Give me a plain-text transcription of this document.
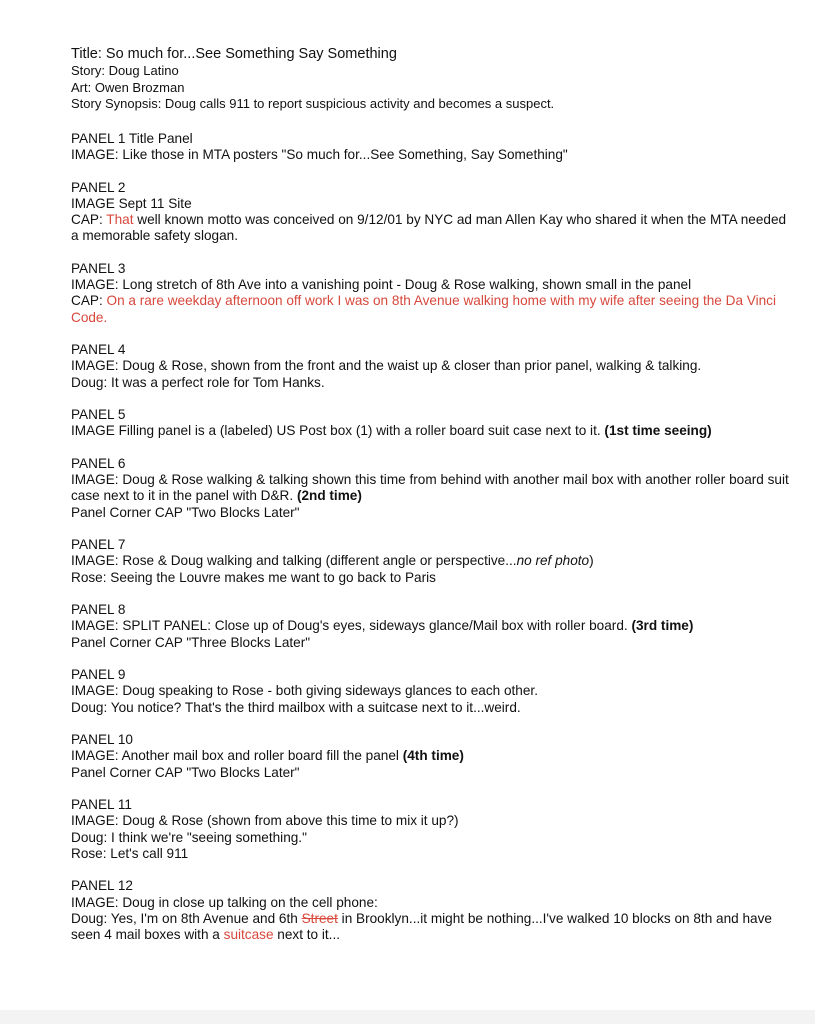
Title: So much for...See Something Say Something
Story: Doug Latino
Art: Owen Brozman
Story Synopsis: Doug calls 911 to report suspicious activity and becomes a suspect.
PANEL 1 Title Panel
IMAGE: Like those in MTA posters "So much for...See Something, Say Something"
PANEL 2
IMAGE Sept 11 Site
CAP: That well known motto was conceived on 9/12/01 by NYC ad man Allen Kay who shared it when the MTA needed a memorable safety slogan.
PANEL 3
IMAGE: Long stretch of 8th Ave into a vanishing point - Doug & Rose walking, shown small in the panel
CAP: On a rare weekday afternoon off work I was on 8th Avenue walking home with my wife after seeing the Da Vinci Code.
PANEL 4
IMAGE: Doug & Rose, shown from the front and the waist up & closer than prior panel, walking & talking.
Doug: It was a perfect role for Tom Hanks.
PANEL 5
IMAGE Filling panel is a (labeled) US Post box (1) with a roller board suit case next to it. (1st time seeing)
PANEL 6
IMAGE: Doug & Rose walking & talking shown this time from behind with another mail box with another roller board suit case next to it in the panel with D&R. (2nd time)
Panel Corner CAP "Two Blocks Later"
PANEL 7
IMAGE: Rose & Doug walking and talking (different angle or perspective...no ref photo)
Rose: Seeing the Louvre makes me want to go back to Paris
PANEL 8
IMAGE: SPLIT PANEL: Close up of Doug's eyes, sideways glance/Mail box with roller board. (3rd time)
Panel Corner CAP "Three Blocks Later"
PANEL 9
IMAGE: Doug speaking to Rose - both giving sideways glances to each other.
Doug: You notice? That's the third mailbox with a suitcase next to it...weird.
PANEL 10
IMAGE: Another mail box and roller board fill the panel (4th time)
Panel Corner CAP "Two Blocks Later"
PANEL 11
IMAGE: Doug & Rose (shown from above this time to mix it up?)
Doug: I think we're "seeing something."
Rose: Let's call 911
PANEL 12
IMAGE: Doug in close up talking on the cell phone:
Doug: Yes, I'm on 8th Avenue and 6th Street in Brooklyn...it might be nothing...I've walked 10 blocks on 8th and have seen 4 mail boxes with a suitcase next to it...
